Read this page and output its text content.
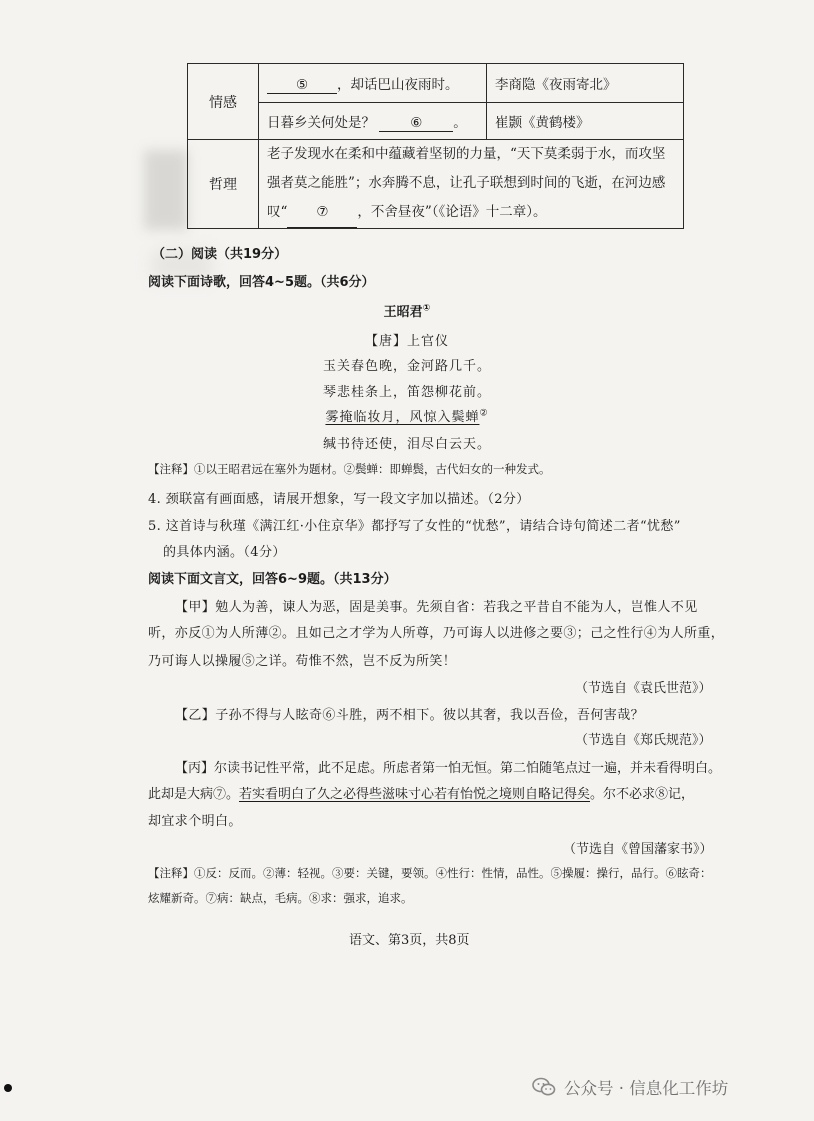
情感	⑤ ，却话巴山夜雨时。	李商隐《夜雨寄北》
	日暮乡关何处是？ ⑥ 。	崔颢《黄鹤楼》
哲理	老子发现水在柔和中蕴藏着坚韧的力量，“天下莫柔弱于水，而攻坚
强者莫之能胜”；水奔腾不息，让孔子联想到时间的飞逝，在河边感
叹“ ⑦ ，不舍昼夜”（《论语》十二章）。	
（二）阅读（共19分）
阅读下面诗歌，回答4~5题。（共6分）
王昭君①
【唐】上官仪
玉关春色晚，金河路几千。
琴悲桂条上，笛怨柳花前。
雾掩临妆月，风惊入鬓蝉②
缄书待还使，泪尽白云天。
【注释】①以王昭君远在塞外为题材。②鬓蝉：即蝉鬓，古代妇女的一种发式。
4. 颈联富有画面感，请展开想象，写一段文字加以描述。（2分）
5. 这首诗与秋瑾《满江红·小住京华》都抒写了女性的“忧愁”，请结合诗句简述二者“忧愁”
的具体内涵。（4分）
阅读下面文言文，回答6~9题。（共13分）
【甲】勉人为善，谏人为恶，固是美事。先须自省：若我之平昔自不能为人，岂惟人不见
听，亦反①为人所薄②。且如己之才学为人所尊，乃可诲人以进修之要③；己之性行④为人所重，
乃可诲人以操履⑤之详。苟惟不然，岂不反为所笑！
（节选自《袁氏世范》）
【乙】子孙不得与人眩奇⑥斗胜，两不相下。彼以其奢，我以吾俭，吾何害哉？
（节选自《郑氏规范》）
【丙】尔读书记性平常，此不足虑。所虑者第一怕无恒。第二怕随笔点过一遍，并未看得明白。
此却是大病⑦。若实看明白了久之必得些滋味寸心若有怡悦之境则自略记得矣。尔不必求⑧记，
却宜求个明白。
（节选自《曾国藩家书》）
【注释】①反：反而。②薄：轻视。③要：关键，要领。④性行：性情，品性。⑤操履：操行，品行。⑥眩奇：
炫耀新奇。⑦病：缺点，毛病。⑧求：强求，追求。
语文、第3页，共8页
公众号 · 信息化工作坊
